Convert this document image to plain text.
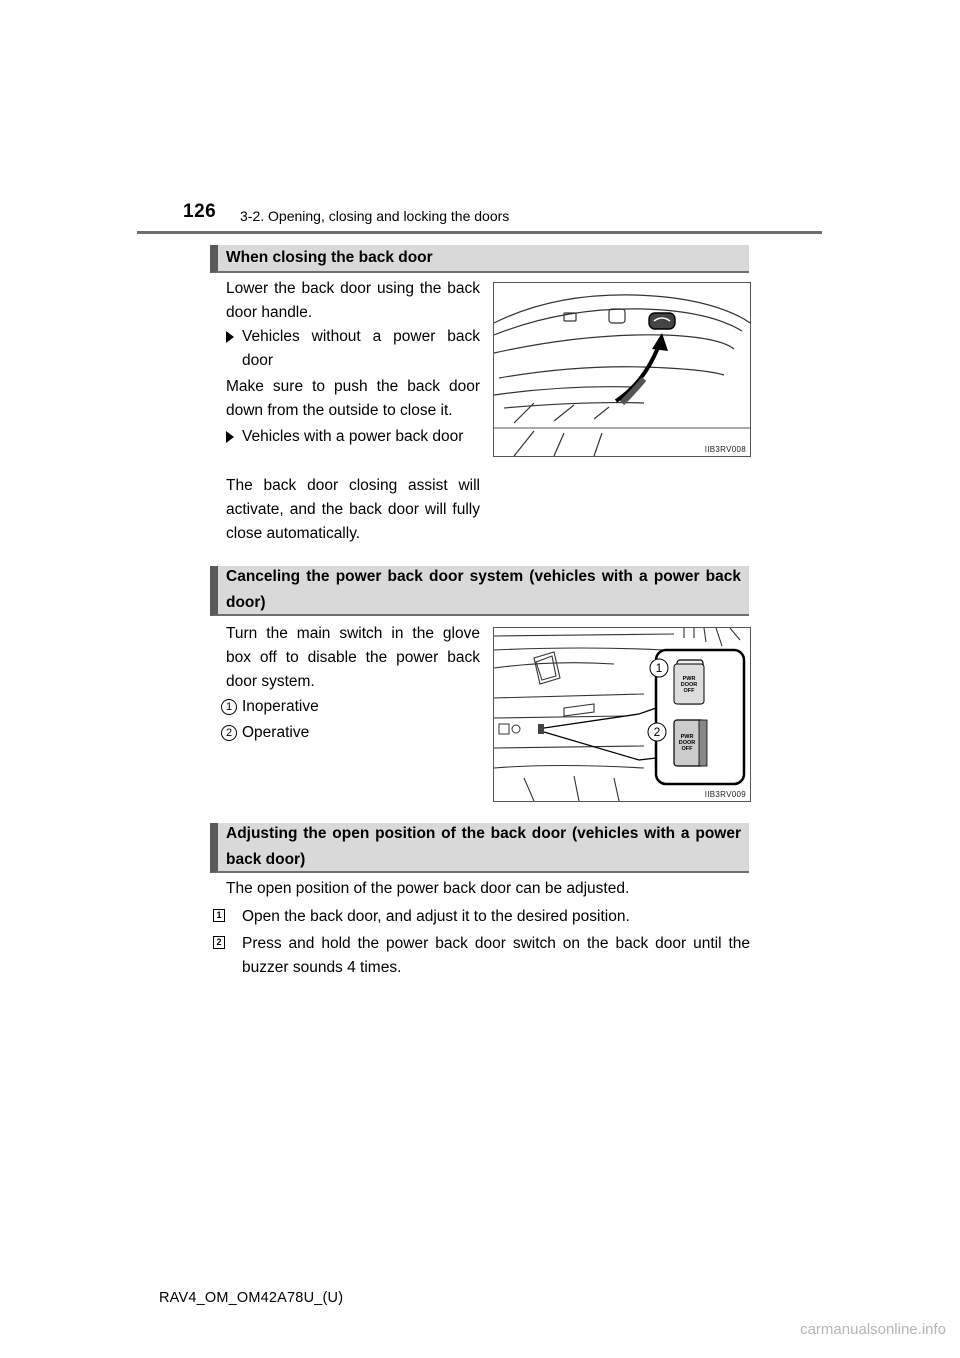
126 3-2. Opening, closing and locking the doors
When closing the back door
Lower the back door using the back door handle.
Vehicles without a power back door
Make sure to push the back door down from the outside to close it.
Vehicles with a power back door
The back door closing assist will activate, and the back door will fully close automatically.
IIB3RV008
Canceling the power back door system (vehicles with a power back door)
Turn the main switch in the glove box off to disable the power back door system.
1 Inoperative
2 Operative
1
2
PWR
DOOR
OFF
PWR
DOOR
OFF
IIB3RV009
Adjusting the open position of the back door (vehicles with a power back door)
The open position of the power back door can be adjusted.
1	Open the back door, and adjust it to the desired position.
2	Press and hold the power back door switch on the back door until the buzzer sounds 4 times.
RAV4_OM_OM42A78U_(U)
carmanualsonline.info
